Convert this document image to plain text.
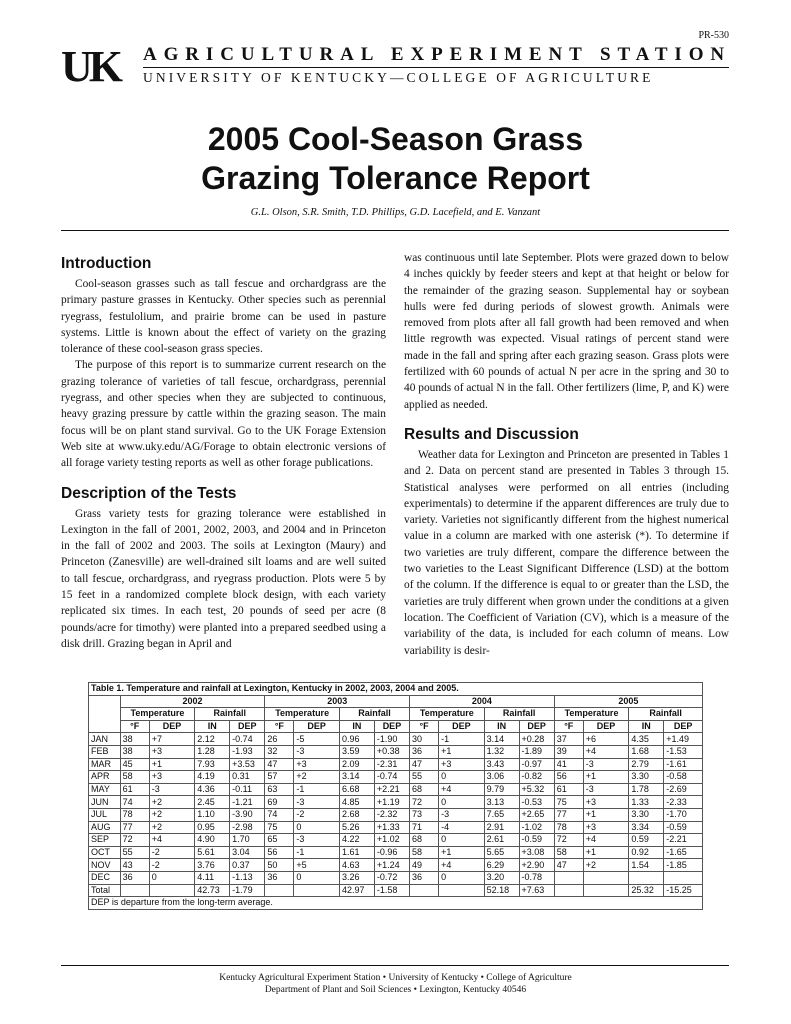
PR-530
UK	AGRICULTURAL EXPERIMENT STATION
UNIVERSITY OF KENTUCKY—COLLEGE OF AGRICULTURE
2005 Cool-Season Grass
Grazing Tolerance Report
G.L. Olson, S.R. Smith, T.D. Phillips, G.D. Lacefield, and E. Vanzant
Introduction

Cool-season grasses such as tall fescue and orchardgrass are the primary pasture grasses in Kentucky. Other species such as perennial ryegrass, festulolium, and prairie brome can be used in pasture systems. Little is known about the effect of variety on the grazing tolerance of these cool-season grass species.

The purpose of this report is to summarize current research on the grazing tolerance of varieties of tall fescue, orchardgrass, perennial ryegrass, and other species when they are subjected to continuous, heavy grazing pressure by cattle within the grazing season. The main focus will be on plant stand survival. Go to the UK Forage Extension Web site at www.uky.edu/AG/Forage to obtain electronic versions of all forage variety testing reports as well as other forage publications.

Description of the Tests

Grass variety tests for grazing tolerance were established in Lexington in the fall of 2001, 2002, 2003, and 2004 and in Princeton in the fall of 2002 and 2003. The soils at Lexington (Maury) and Princeton (Zanesville) are well-drained silt loams and are well suited to tall fescue, orchardgrass, and ryegrass production. Plots were 5 by 15 feet in a randomized complete block design, with each variety replicated six times. In each test, 20 pounds of seed per acre (8 pounds/acre for timothy) were planted into a prepared seedbed using a disk drill. Grazing began in April and

was continuous until late September. Plots were grazed down to below 4 inches quickly by feeder steers and kept at that height or below for the remainder of the grazing season. Supplemental hay or soybean hulls were fed during periods of slowest growth. Animals were removed from plots after all fall growth had been removed and when little regrowth was expected. Visual ratings of percent stand were made in the fall and spring after each grazing season. Grass plots were fertilized with 60 pounds of actual N per acre in the spring and 30 to 40 pounds of actual N in the fall. Other fertilizers (lime, P, and K) were applied as needed.

Results and Discussion

Weather data for Lexington and Princeton are presented in Tables 1 and 2. Data on percent stand are presented in Tables 3 through 15. Statistical analyses were performed on all entries (including experimentals) to determine if the apparent differences are truly due to variety. Varieties not significantly different from the highest numerical value in a column are marked with one asterisk (*). To determine if two varieties are truly different, compare the difference between the two varieties to the Least Significant Difference (LSD) at the bottom of the column. If the difference is equal to or greater than the LSD, the varieties are truly different when grown under the conditions at a given location. The Coefficient of Variation (CV), which is a measure of the variability of the data, is included for each column of means. Low variability is desir-

Table 1. Temperature and rainfall at Lexington, Kentucky in 2002, 2003, 2004 and 2005.																
	2002				2003				2004				2005			
	Temperature		Rainfall		Temperature		Rainfall		Temperature		Rainfall		Temperature		Rainfall	
	°F	DEP	IN	DEP	°F	DEP	IN	DEP	°F	DEP	IN	DEP	°F	DEP	IN	DEP
JAN	38	+7	2.12	-0.74	26	-5	0.96	-1.90	30	-1	3.14	+0.28	37	+6	4.35	+1.49
FEB	38	+3	1.28	-1.93	32	-3	3.59	+0.38	36	+1	1.32	-1.89	39	+4	1.68	-1.53
MAR	45	+1	7.93	+3.53	47	+3	2.09	-2.31	47	+3	3.43	-0.97	41	-3	2.79	-1.61
APR	58	+3	4.19	0.31	57	+2	3.14	-0.74	55	0	3.06	-0.82	56	+1	3.30	-0.58
MAY	61	-3	4.36	-0.11	63	-1	6.68	+2.21	68	+4	9.79	+5.32	61	-3	1.78	-2.69
JUN	74	+2	2.45	-1.21	69	-3	4.85	+1.19	72	0	3.13	-0.53	75	+3	1.33	-2.33
JUL	78	+2	1.10	-3.90	74	-2	2.68	-2.32	73	-3	7.65	+2.65	77	+1	3.30	-1.70
AUG	77	+2	0.95	-2.98	75	0	5.26	+1.33	71	-4	2.91	-1.02	78	+3	3.34	-0.59
SEP	72	+4	4.90	1.70	65	-3	4.22	+1.02	68	0	2.61	-0.59	72	+4	0.59	-2.21
OCT	55	-2	5.61	3.04	56	-1	1.61	-0.96	58	+1	5.65	+3.08	58	+1	0.92	-1.65
NOV	43	-2	3.76	0.37	50	+5	4.63	+1.24	49	+4	6.29	+2.90	47	+2	1.54	-1.85
DEC	36	0	4.11	-1.13	36	0	3.26	-0.72	36	0	3.20	-0.78				
Total			42.73	-1.79			42.97	-1.58			52.18	+7.63			25.32	-15.25
DEP is departure from the long-term average.																
Kentucky Agricultural Experiment Station • University of Kentucky • College of Agriculture
Department of Plant and Soil Sciences • Lexington, Kentucky 40546
